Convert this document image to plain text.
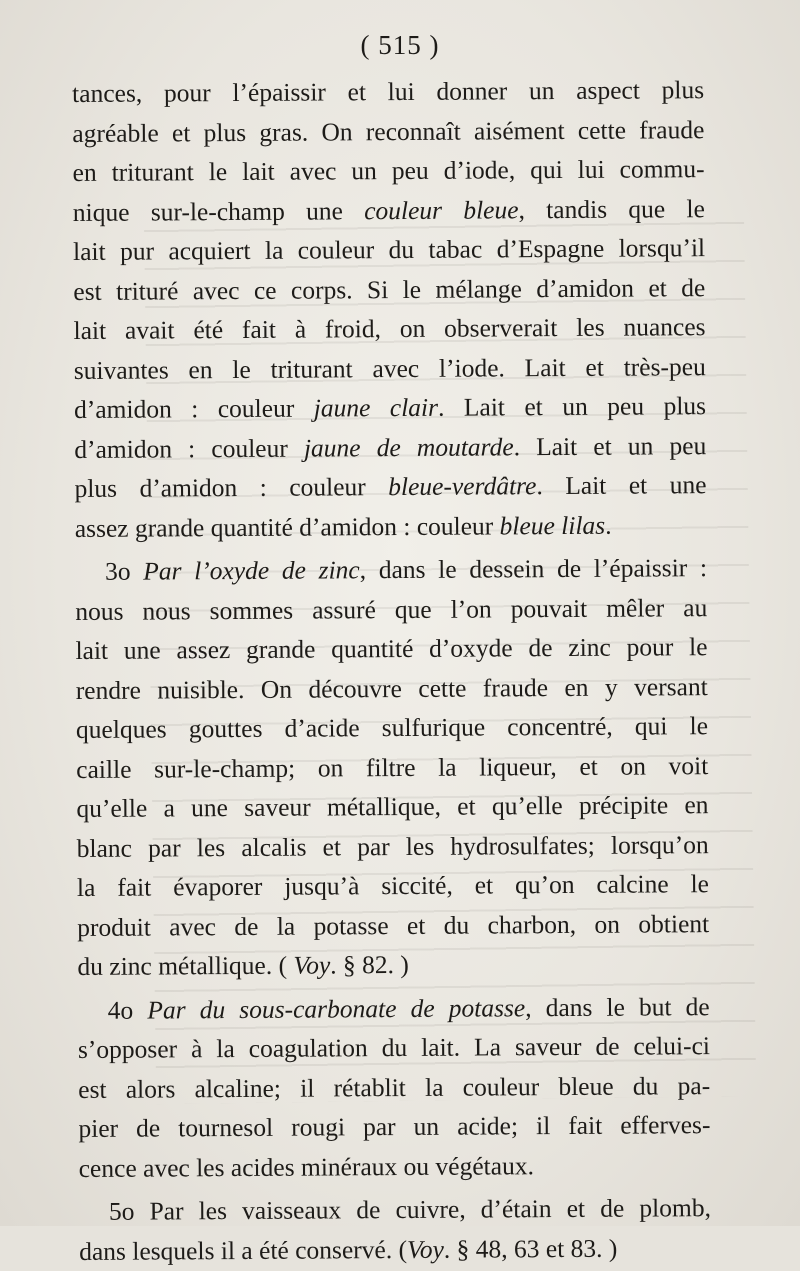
( 515 )
tances, pour l’épaissir et lui donner un aspect plus
agréable et plus gras. On reconnaît aisément cette fraude
en triturant le lait avec un peu d’iode, qui lui commu-
nique sur-le-champ une couleur bleue, tandis que le
lait pur acquiert la couleur du tabac d’Espagne lorsqu’il
est trituré avec ce corps. Si le mélange d’amidon et de
lait avait été fait à froid, on observerait les nuances
suivantes en le triturant avec l’iode. Lait et très-peu
d’amidon : couleur jaune clair. Lait et un peu plus
d’amidon : couleur jaune de moutarde. Lait et un peu
plus d’amidon : couleur bleue-verdâtre. Lait et une
assez grande quantité d’amidon : couleur bleue lilas.
3o Par l’oxyde de zinc, dans le dessein de l’épaissir :
nous nous sommes assuré que l’on pouvait mêler au
lait une assez grande quantité d’oxyde de zinc pour le
rendre nuisible. On découvre cette fraude en y versant
quelques gouttes d’acide sulfurique concentré, qui le
caille sur-le-champ; on filtre la liqueur, et on voit
qu’elle a une saveur métallique, et qu’elle précipite en
blanc par les alcalis et par les hydrosulfates; lorsqu’on
la fait évaporer jusqu’à siccité, et qu’on calcine le
produit avec de la potasse et du charbon, on obtient
du zinc métallique. ( Voy. § 82. )
4o Par du sous-carbonate de potasse, dans le but de
s’opposer à la coagulation du lait. La saveur de celui-ci
est alors alcaline; il rétablit la couleur bleue du pa-
pier de tournesol rougi par un acide; il fait efferves-
cence avec les acides minéraux ou végétaux.
5o Par les vaisseaux de cuivre, d’étain et de plomb,
dans lesquels il a été conservé. (Voy. § 48, 63 et 83. )
